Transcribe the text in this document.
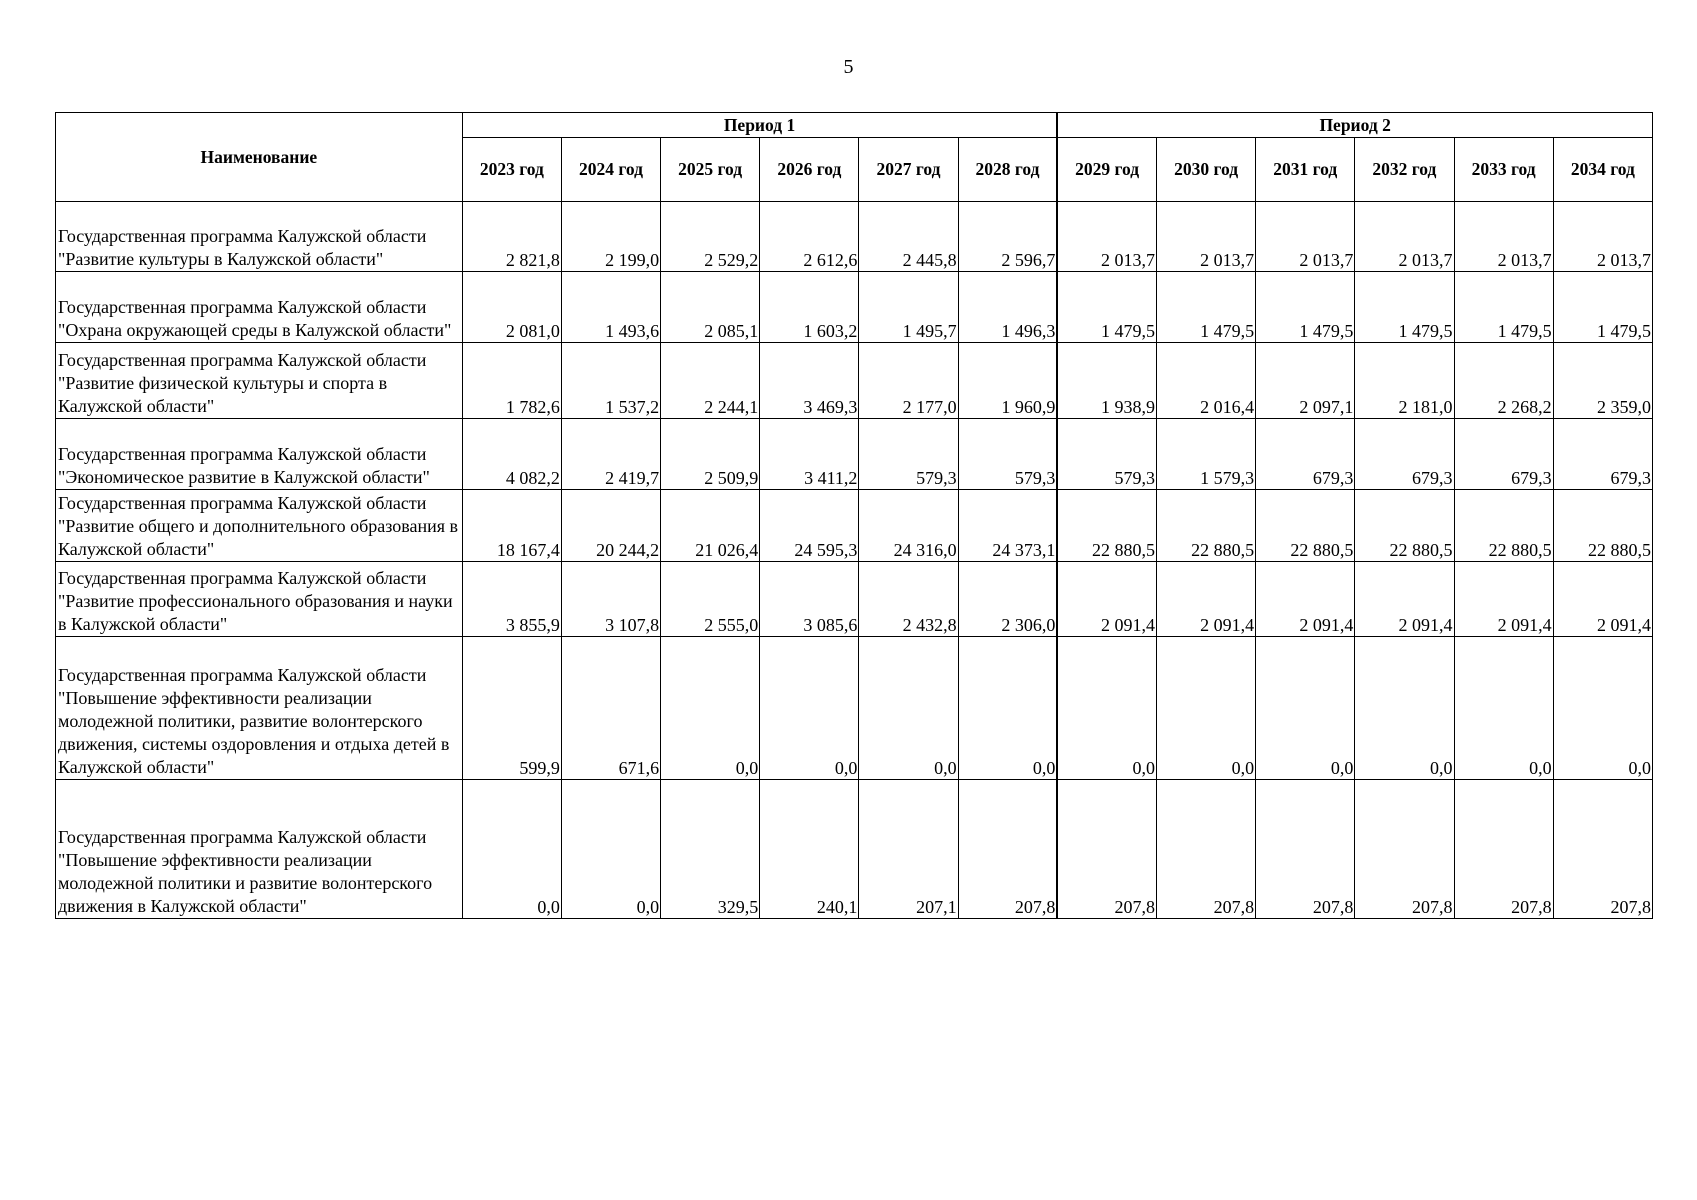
5
Наименование	Период 1						Период 2					
	2023 год	2024 год	2025 год	2026 год	2027 год	2028 год	2029 год	2030 год	2031 год	2032 год	2033 год	2034 год
Государственная программа Калужской области "Развитие культуры в Калужской области"	2 821,8	2 199,0	2 529,2	2 612,6	2 445,8	2 596,7	2 013,7	2 013,7	2 013,7	2 013,7	2 013,7	2 013,7
Государственная программа Калужской области "Охрана окружающей среды в Калужской области"	2 081,0	1 493,6	2 085,1	1 603,2	1 495,7	1 496,3	1 479,5	1 479,5	1 479,5	1 479,5	1 479,5	1 479,5
Государственная программа Калужской области "Развитие физической культуры и спорта в Калужской области"	1 782,6	1 537,2	2 244,1	3 469,3	2 177,0	1 960,9	1 938,9	2 016,4	2 097,1	2 181,0	2 268,2	2 359,0
Государственная программа Калужской области "Экономическое развитие в Калужской области"	4 082,2	2 419,7	2 509,9	3 411,2	579,3	579,3	579,3	1 579,3	679,3	679,3	679,3	679,3
Государственная программа Калужской области "Развитие общего и дополнительного образования в Калужской области"	18 167,4	20 244,2	21 026,4	24 595,3	24 316,0	24 373,1	22 880,5	22 880,5	22 880,5	22 880,5	22 880,5	22 880,5
Государственная программа Калужской области "Развитие профессионального образования и науки в Калужской области"	3 855,9	3 107,8	2 555,0	3 085,6	2 432,8	2 306,0	2 091,4	2 091,4	2 091,4	2 091,4	2 091,4	2 091,4
Государственная программа Калужской области "Повышение эффективности реализации молодежной политики, развитие волонтерского движения, системы оздоровления и отдыха детей в Калужской области"	599,9	671,6	0,0	0,0	0,0	0,0	0,0	0,0	0,0	0,0	0,0	0,0
Государственная программа Калужской области "Повышение эффективности реализации молодежной политики и развитие волонтерского движения в Калужской области"	0,0	0,0	329,5	240,1	207,1	207,8	207,8	207,8	207,8	207,8	207,8	207,8
